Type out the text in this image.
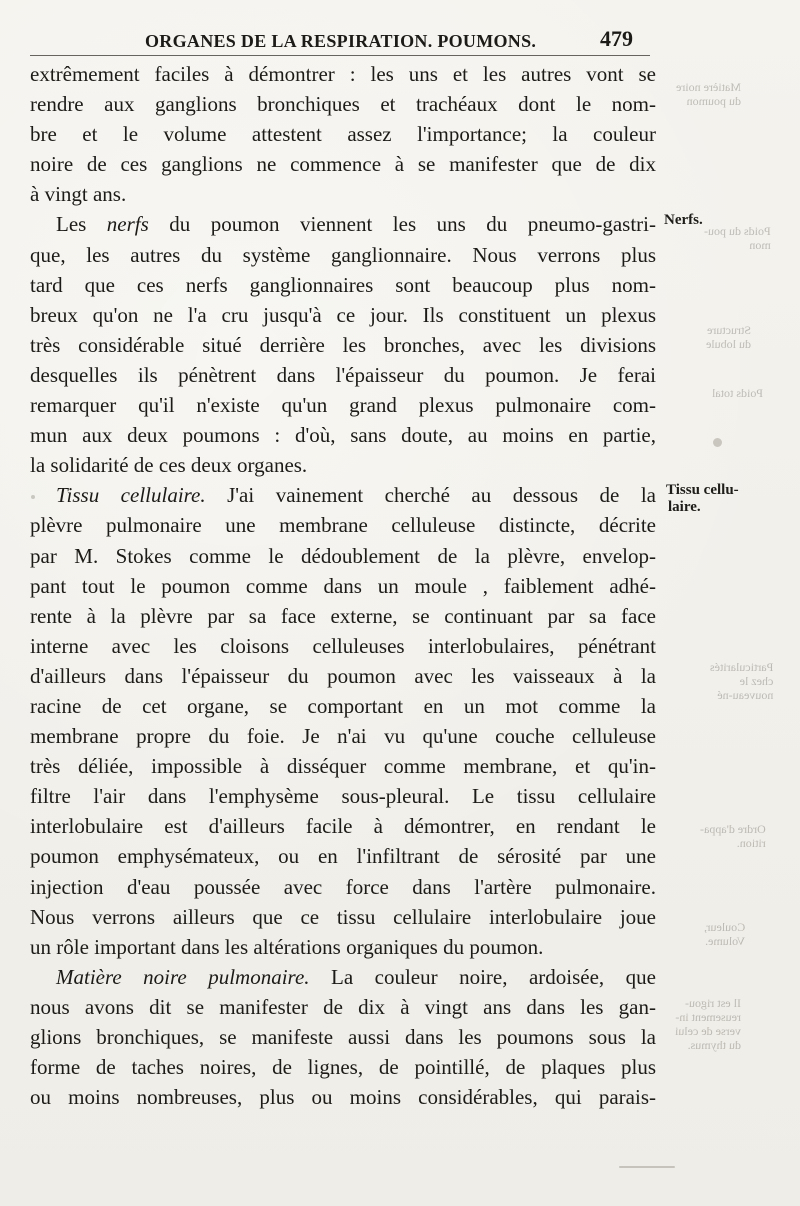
Matière noire
du poumon
Poids du pou-
mon
Structure
du lobule
Poids total
Particularités
chez le
nouveau-né
Ordre d'appa-
rition.
Couleur,
Volume.
Il est rigou-
reusement in-
verse de celui
du thymus.
ORGANES DE LA RESPIRATION. POUMONS.	479
Nerfs.
Tissu cellu-
laire.
extrêmement faciles à démontrer : les uns et les autres vont se
rendre aux ganglions bronchiques et trachéaux dont le nom-
bre et le volume attestent assez l'importance; la couleur
noire de ces ganglions ne commence à se manifester que de dix
à vingt ans.
Les nerfs du poumon viennent les uns du pneumo-gastri-
que, les autres du système ganglionnaire. Nous verrons plus
tard que ces nerfs ganglionnaires sont beaucoup plus nom-
breux qu'on ne l'a cru jusqu'à ce jour. Ils constituent un plexus
très considérable situé derrière les bronches, avec les divisions
desquelles ils pénètrent dans l'épaisseur du poumon. Je ferai
remarquer qu'il n'existe qu'un grand plexus pulmonaire com-
mun aux deux poumons : d'où, sans doute, au moins en partie,
la solidarité de ces deux organes.
Tissu cellulaire. J'ai vainement cherché au dessous de la
plèvre pulmonaire une membrane celluleuse distincte, décrite
par M. Stokes comme le dédoublement de la plèvre, envelop-
pant tout le poumon comme dans un moule , faiblement adhé-
rente à la plèvre par sa face externe, se continuant par sa face
interne avec les cloisons celluleuses interlobulaires, pénétrant
d'ailleurs dans l'épaisseur du poumon avec les vaisseaux à la
racine de cet organe, se comportant en un mot comme la
membrane propre du foie. Je n'ai vu qu'une couche celluleuse
très déliée, impossible à disséquer comme membrane, et qu'in-
filtre l'air dans l'emphysème sous-pleural. Le tissu cellulaire
interlobulaire est d'ailleurs facile à démontrer, en rendant le
poumon emphysémateux, ou en l'infiltrant de sérosité par une
injection d'eau poussée avec force dans l'artère pulmonaire.
Nous verrons ailleurs que ce tissu cellulaire interlobulaire joue
un rôle important dans les altérations organiques du poumon.
Matière noire pulmonaire. La couleur noire, ardoisée, que
nous avons dit se manifester de dix à vingt ans dans les gan-
glions bronchiques, se manifeste aussi dans les poumons sous la
forme de taches noires, de lignes, de pointillé, de plaques plus
ou moins nombreuses, plus ou moins considérables, qui parais-
